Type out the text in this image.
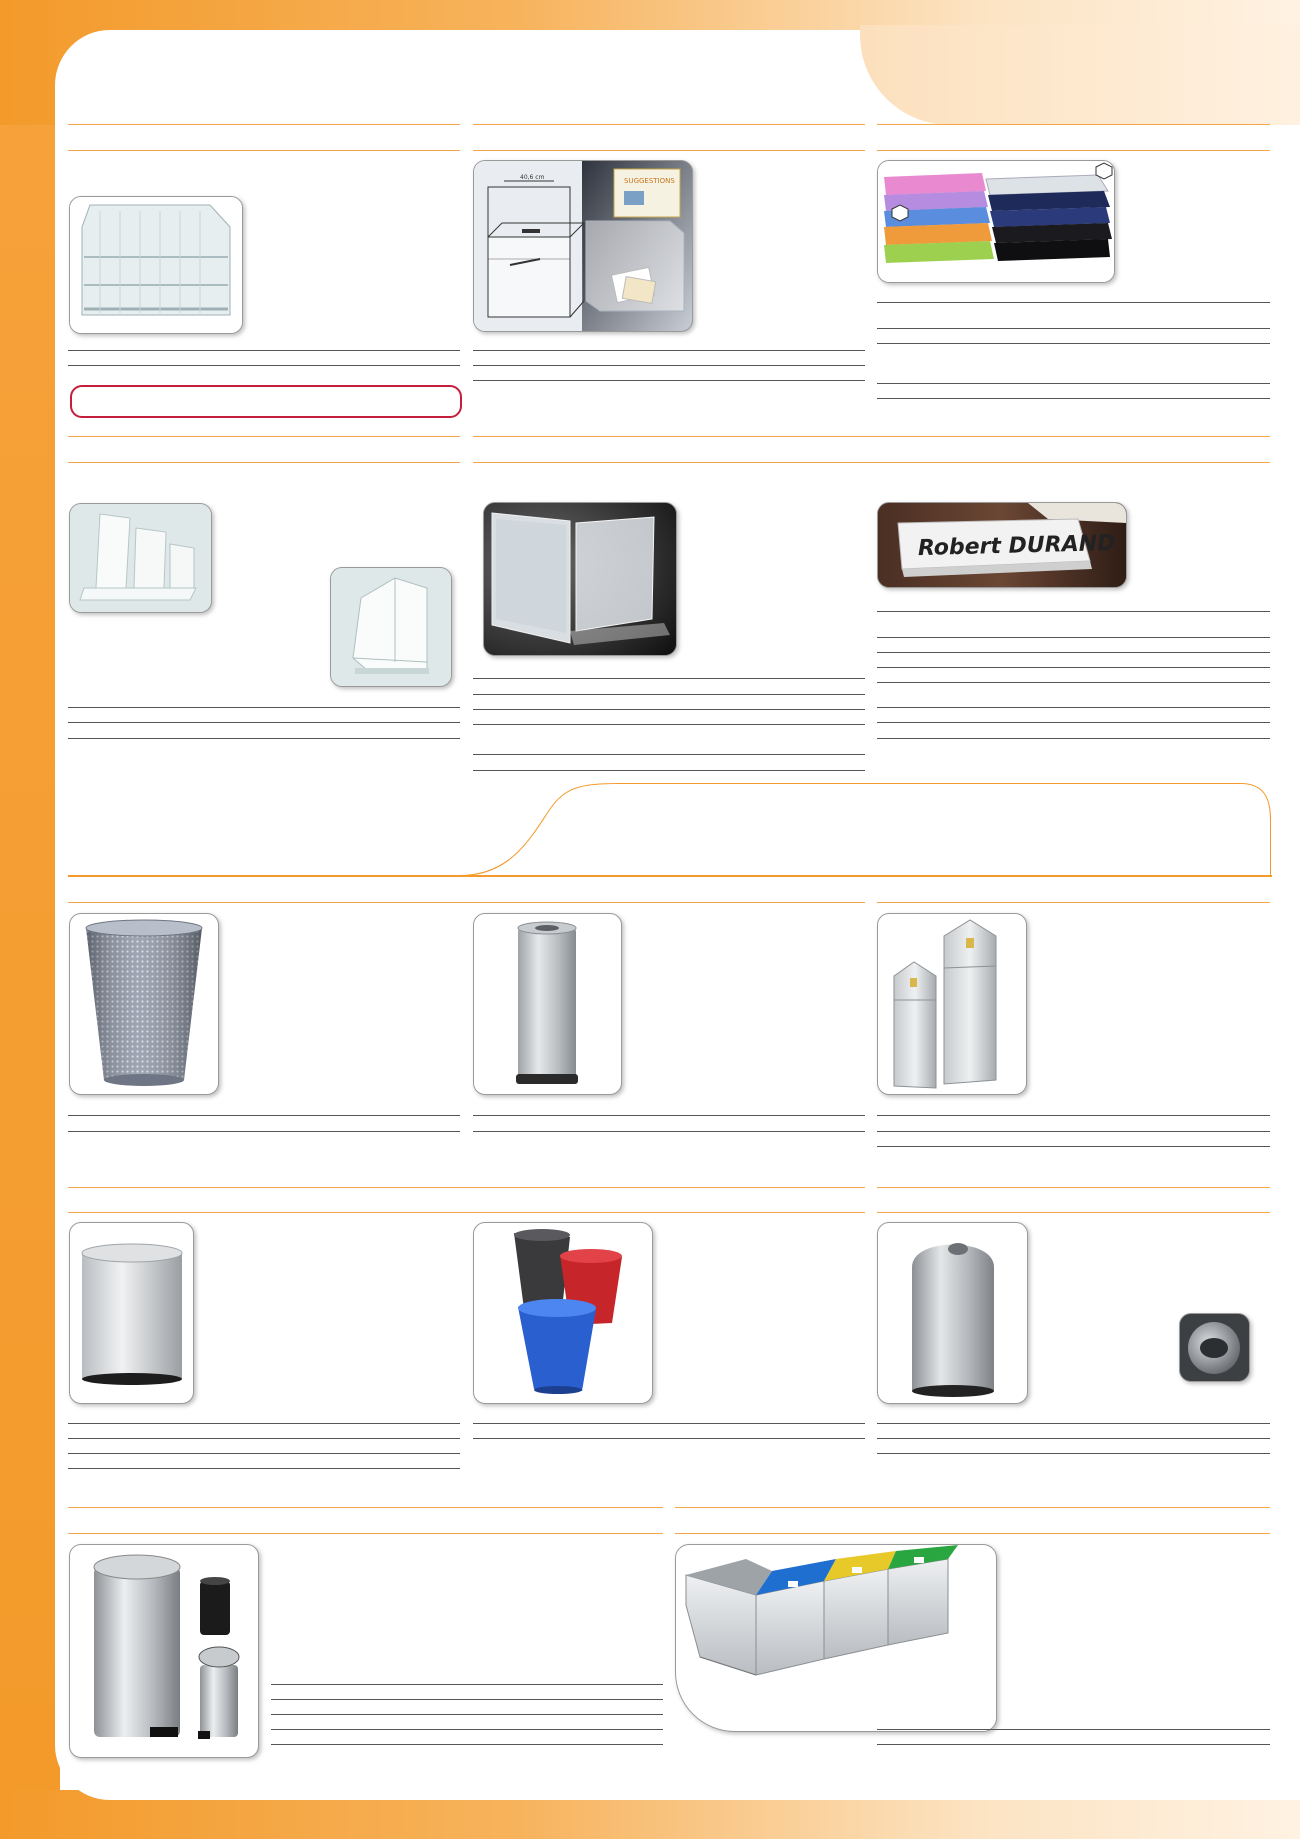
SUGGESTIONS
40,6 cm
Robert DURAND
